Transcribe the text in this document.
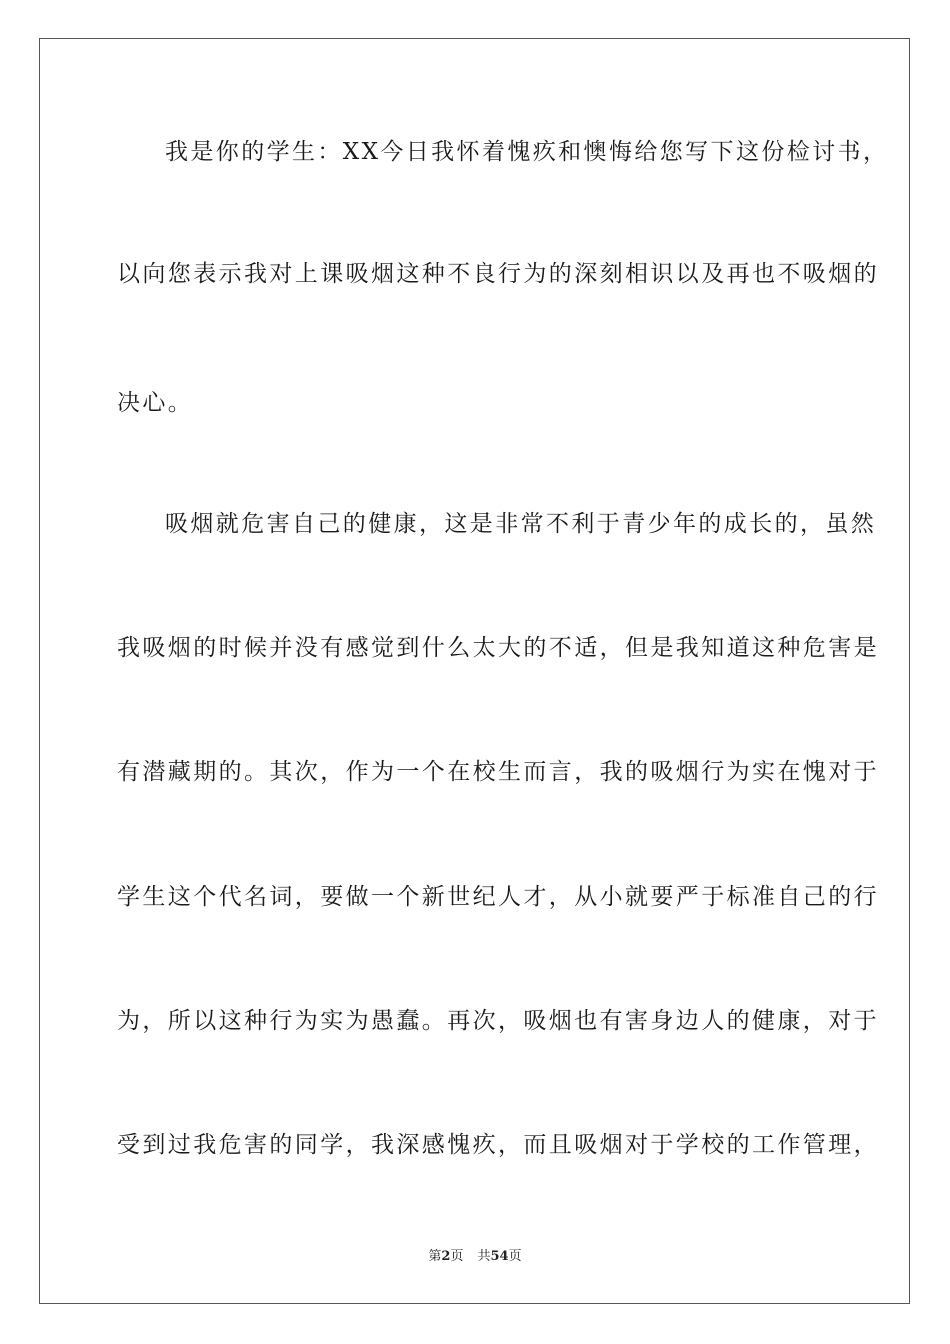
我是你的学生：XX今日我怀着愧疚和懊悔给您写下这份检讨书，
以向您表示我对上课吸烟这种不良行为的深刻相识以及再也不吸烟的
决心。
吸烟就危害自己的健康，这是非常不利于青少年的成长的，虽然
我吸烟的时候并没有感觉到什么太大的不适，但是我知道这种危害是
有潜藏期的。其次，作为一个在校生而言，我的吸烟行为实在愧对于
学生这个代名词，要做一个新世纪人才，从小就要严于标准自己的行
为，所以这种行为实为愚蠢。再次，吸烟也有害身边人的健康，对于
受到过我危害的同学，我深感愧疚，而且吸烟对于学校的工作管理，
第2页 共54页
